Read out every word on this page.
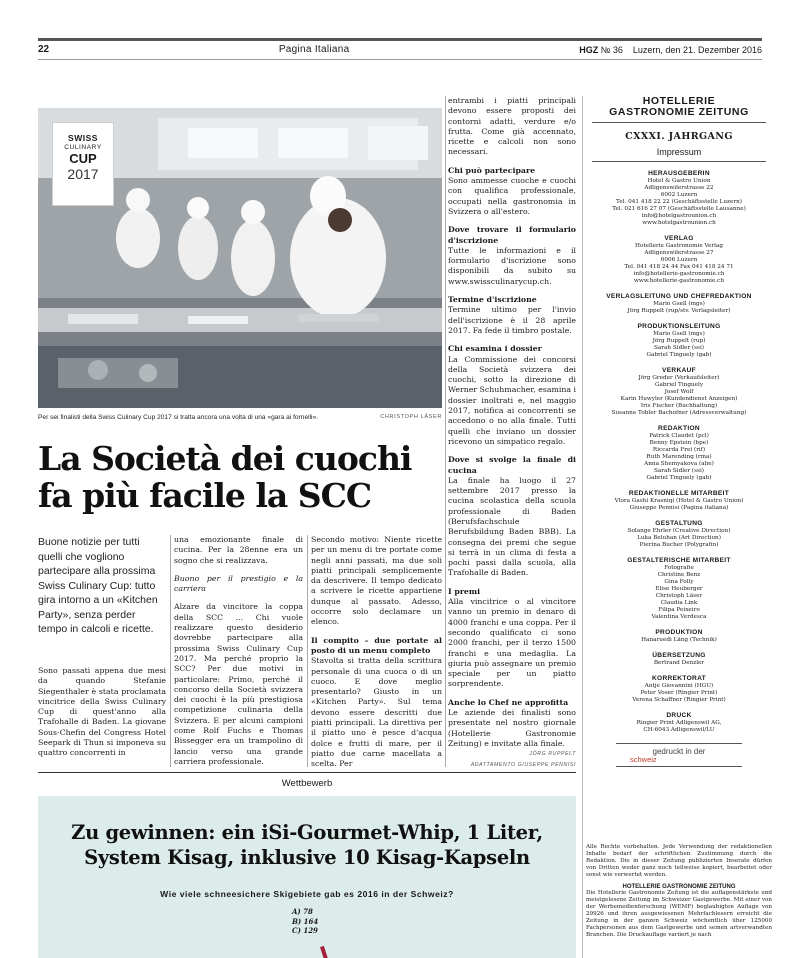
22	Pagina Italiana	HGZ № 36 Luzern, den 21. Dezember 2016
SWISS
CULINARY
CUP
2017
Per sei finalisti della Swiss Culinary Cup 2017 si tratta ancora una volta di una «gara ai fornelli».	CHRISTOPH LÄSER
La Società dei cuochi fa più facile la SCC
Buone notizie per tutti quelli che vogliono partecipare alla prossima Swiss Culinary Cup: tutto gira intorno a un «Kitchen Party», senza perder tempo in calcoli e ricette.

Sono passati appena due mesi da quando Stefanie Siegenthaler è stata proclamata vincitrice della Swiss Culinary Cup di quest'anno alla Trafohalle di Baden. La giovane Sous-Chefin del Congress Hotel Seepark di Thun si imponeva su quattro concorrenti in

una emozionante finale di cucina. Per la 28enne era un sogno che si realizzava.

Buono per il prestigio e la carriera

Alzare da vincitore la coppa della SCC ... Chi vuole realizzare questo desiderio dovrebbe partecipare alla prossima Swiss Culinary Cup 2017. Ma perché proprio la SCC? Per due motivi in particolare: Primo, perché il concorso della Società svizzera dei cuochi è la più prestigiosa competizione culinaria della Svizzera. E per alcuni campioni come Rolf Fuchs e Thomas Bissegger era un trampolino di lancio verso una grande carriera professionale.

Secondo motivo: Niente ricette per un menu di tre portate come negli anni passati, ma due soli piatti principali semplicemente da descrivere. Il tempo dedicato a scrivere le ricette appartiene dunque al passato. Adesso, occorre solo declamare un elenco.

Il compito – due portate al posto di un menu completo
Stavolta si tratta della scrittura personale di una cuoca o di un cuoco. E dove meglio presentarlo? Giusto in un «Kitchen Party». Sul tema devono essere descritti due piatti principali. La direttiva per il piatto uno è pesce d'acqua dolce e frutti di mare, per il piatto due carne macellata a scelta. Per

entrambi i piatti principali devono essere proposti dei contorni adatti, verdure e/o frutta. Come già accennato, ricette e calcoli non sono necessari.

Chi può partecipare
Sono ammesse cuoche e cuochi con qualifica professionale, occupati nella gastronomia in Svizzera o all'estero.

Dove trovare il formulario d'iscrizione
Tutte le informazioni e il formulario d'iscrizione sono disponibili da subito su www.swissculinarycup.ch.

Termine d'iscrizione
Termine ultimo per l'invio dell'iscrizione è il 28 aprile 2017. Fa fede il timbro postale.

Chi esamina i dossier
La Commissione dei concorsi della Società svizzera dei cuochi, sotto la direzione di Werner Schuhmacher, esamina i dossier inoltrati e, nel maggio 2017, notifica ai concorrenti se accedono o no alla finale. Tutti quelli che inviano un dossier ricevono un simpatico regalo.

Dove si svolge la finale di cucina
La finale ha luogo il 27 settembre 2017 presso la cucina scolastica della scuola professionale di Baden (Berufsfachschule Berufsbildung Baden BBB). La consegna dei premi che segue si terrà in un clima di festa a pochi passi dalla scuola, alla Trafohalle di Baden.

I premi
Alla vincitrice o al vincitore vanno un premio in denaro di 4000 franchi e una coppa. Per il secondo qualificato ci sono 2000 franchi, per il terzo 1500 franchi e una medaglia. La giuria può assegnare un premio speciale per un piatto sorprendente.

Anche lo Chef ne approfitta
Le aziende dei finalisti sono presentate nel nostro giornale (Hotellerie Gastronomie Zeitung) e invitate alla finale.
JÖRG RUPPELT
ADATTAMENTO GIUSEPPE PENNISI

Wettbewerb
Zu gewinnen: ein iSi-Gourmet-Whip, 1 Liter,
System Kisag, inklusive 10 Kisag-Kapseln
Wie viele schneesichere Skigebiete gab es 2016 in der Schweiz?
A) 78
B) 164
C) 129
HOTELLERIE
GASTRONOMIE ZEITUNG
CXXXI. JAHRGANG
Impressum
HERAUSGEBERIN
Hotel & Gastro Union
Adligenswilerstrasse 22
6002 Luzern
Tel. 041 418 22 22 (Geschäftsstelle Luzern)
Tel. 021 616 27 07 (Geschäftsstelle Lausanne)
info@hotelgastrounion.ch
www.hotelgastrounion.ch
VERLAG
Hotellerie Gastronomie Verlag
Adligenswilerstrasse 27
6006 Luzern
Tel. 041 418 24 44 Fax 041 418 24 71
info@hotellerie-gastronomie.ch
www.hotellerie-gastronomie.ch
VERLAGSLEITUNG UND CHEFREDAKTION
Mario Gsell (mgs)
Jörg Ruppelt (rup/stv. Verlagsleiter)
PRODUKTIONSLEITUNG
Mario Gsell (mgs)
Jörg Ruppelt (rup)
Sarah Sidler (ssi)
Gabriel Tinguely (gab)
VERKAUF
Jörg Greder (Verkaufsleiter)
Gabriel Tinguely
Josef Wolf
Karin Huwyler (Kundendienst Anzeigen)
Iris Fischer (Buchhaltung)
Susanne Tobler Bachofner (Adressverwaltung)
REDAKTION
Patrick Claudet (pcl)
Benny Epstein (bpe)
Riccarda Frei (rif)
Ruth Marending (rma)
Anna Shemyakova (ahe)
Sarah Sidler (ssi)
Gabriel Tinguely (gab)
REDAKTIONELLE MITARBEIT
Vlora Gashi Krasniqi (Hotel & Gastro Union)
Giuseppe Pennisi (Pagina italiana)
GESTALTUNG
Solange Ehrler (Creative Direction)
Luka Beluhan (Art Direction)
Pierina Bucher (Polygrafin)
GESTALTERISCHE MITARBEIT
Fotografie
Christine Benz
Gina Folly
Elise Heuberger
Christoph Läser
Claudia Link
Filipa Peixeiro
Valentina Verdesca
PRODUKTION
Hanaruedi Läng (Technik)
ÜBERSETZUNG
Bertrand Denzler
KORREKTORAT
Antje Giovannini (HGU)
Peter Voser (Ringier Print)
Verena Schaffner (Ringier Print)
DRUCK
Ringier Print Adligenswil AG,
CH-6043 Adligenswil/LU
gedruckt in der
schweiz
Alle Rechte vorbehalten. Jede Verwendung der redaktionellen Inhalte bedarf der schriftlichen Zustimmung durch die Redaktion. Die in dieser Zeitung publizierten Inserate dürfen von Dritten weder ganz noch teilweise kopiert, bearbeitet oder sonst wie verwertet werden.
HOTELLERIE GASTRONOMIE ZEITUNG
Die Hotellerie Gastronomie Zeitung ist die auflagenstärkste und meistgelesene Zeitung im Schweizer Gastgewerbe. Mit einer von der Werbemedienforschung (WEMF) beglaubigten Auflage von 29926 und ihren ausgewiesenen Mehrfachlesern erreicht die Zeitung in der ganzen Schweiz wöchentlich über 125000 Fachpersonen aus dem Gastgewerbe und seinen artverwandten Branchen. Die Druckauflage variiert je nach
